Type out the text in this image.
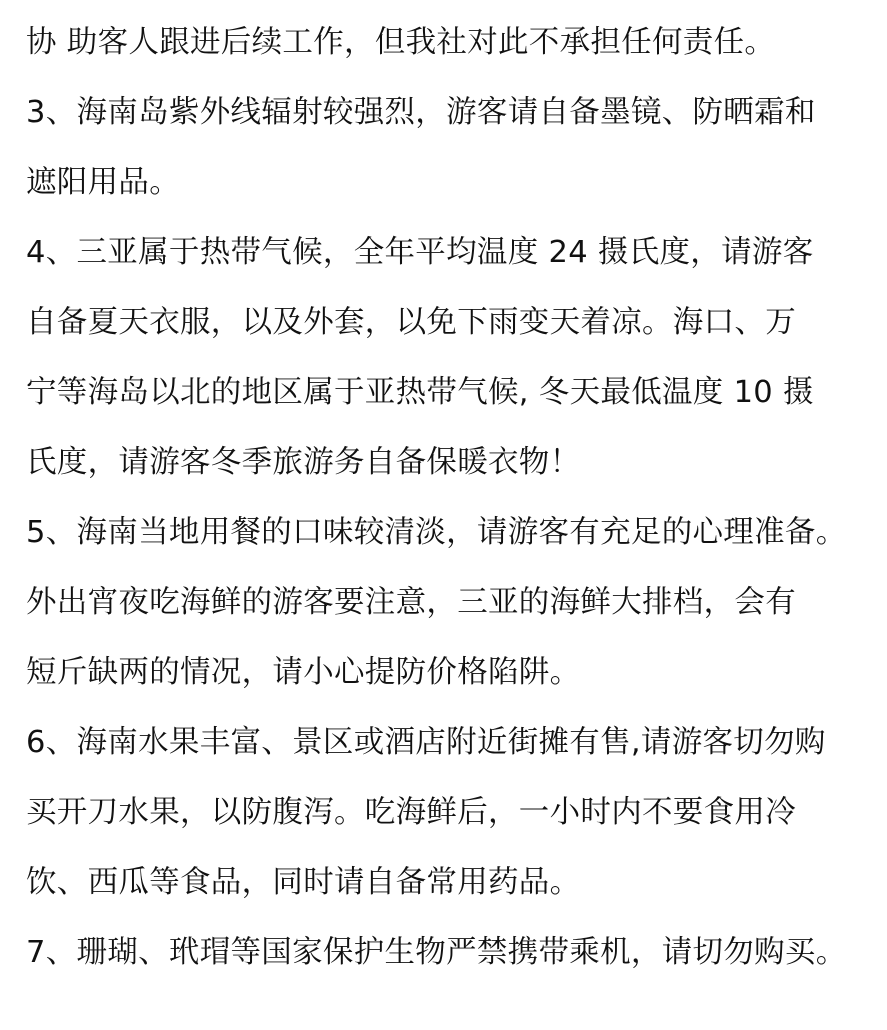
协 助客人跟进后续工作，但我社对此不承担任何责任。
3、海南岛紫外线辐射较强烈，游客请自备墨镜、防晒霜和
遮阳用品。
4、三亚属于热带气候，全年平均温度 24 摄氏度，请游客
自备夏天衣服，以及外套，以免下雨变天着凉。海口、万
宁等海岛以北的地区属于亚热带气候, 冬天最低温度 10 摄
氏度，请游客冬季旅游务自备保暖衣物！
5、海南当地用餐的口味较清淡，请游客有充足的心理准备。
外出宵夜吃海鲜的游客要注意，三亚的海鲜大排档，会有
短斤缺两的情况，请小心提防价格陷阱。
6、海南水果丰富、景区或酒店附近街摊有售,请游客切勿购
买开刀水果，以防腹泻。吃海鲜后，一小时内不要食用冷
饮、西瓜等食品，同时请自备常用药品。
7、珊瑚、玳瑁等国家保护生物严禁携带乘机，请切勿购买。
